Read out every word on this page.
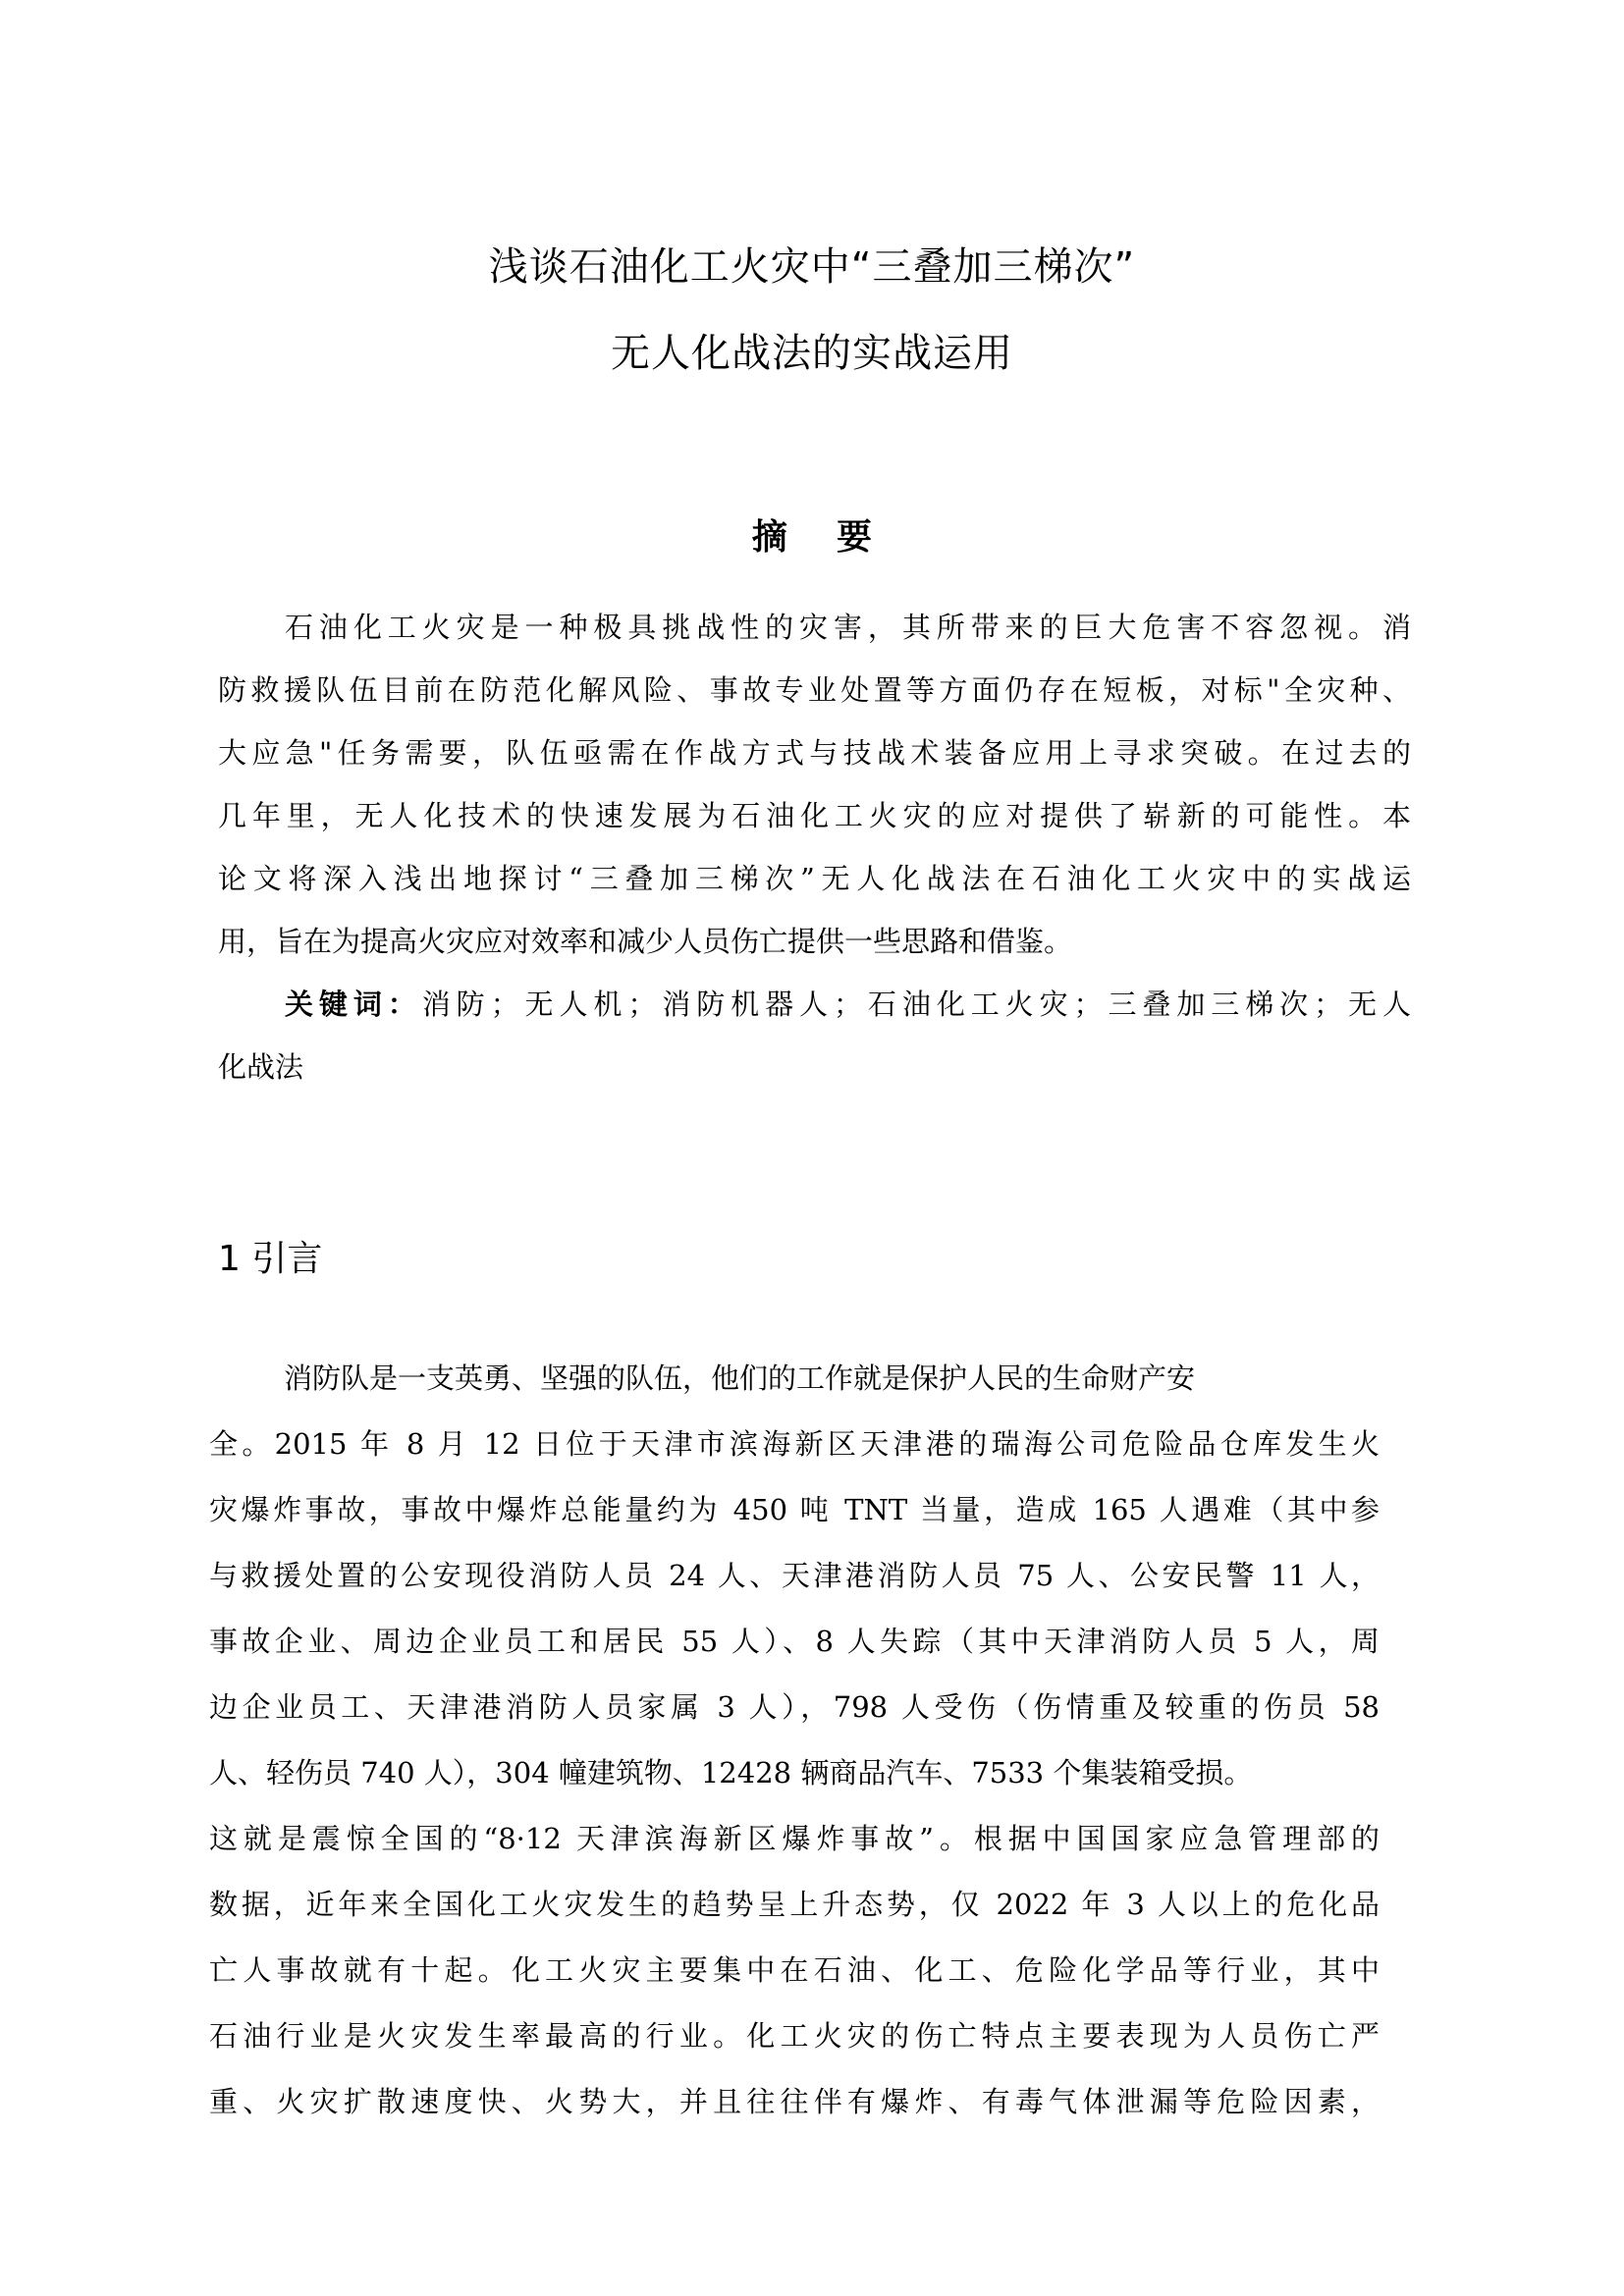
浅谈石油化工火灾中“三叠加三梯次”
无人化战法的实战运用
摘    要
石油化工火灾是一种极具挑战性的灾害，其所带来的巨大危害不容忽视。消
防救援队伍目前在防范化解风险、事故专业处置等方面仍存在短板，对标"全灾种、
大应急"任务需要，队伍亟需在作战方式与技战术装备应用上寻求突破。在过去的
几年里，无人化技术的快速发展为石油化工火灾的应对提供了崭新的可能性。本
论文将深入浅出地探讨“三叠加三梯次”无人化战法在石油化工火灾中的实战运
用，旨在为提高火灾应对效率和减少人员伤亡提供一些思路和借鉴。
关键词：消防；无人机；消防机器人；石油化工火灾；三叠加三梯次；无人
化战法
1 引言
消防队是一支英勇、坚强的队伍，他们的工作就是保护人民的生命财产安
全。2015 年 8 月 12 日位于天津市滨海新区天津港的瑞海公司危险品仓库发生火
灾爆炸事故，事故中爆炸总能量约为 450 吨 TNT 当量，造成 165 人遇难（其中参
与救援处置的公安现役消防人员 24 人、天津港消防人员 75 人、公安民警 11 人，
事故企业、周边企业员工和居民 55 人）、8 人失踪（其中天津消防人员 5 人，周
边企业员工、天津港消防人员家属 3 人），798 人受伤（伤情重及较重的伤员 58
人、轻伤员 740 人），304 幢建筑物、12428 辆商品汽车、7533 个集装箱受损。
这就是震惊全国的“8·12 天津滨海新区爆炸事故”。根据中国国家应急管理部的
数据，近年来全国化工火灾发生的趋势呈上升态势，仅 2022 年 3 人以上的危化品
亡人事故就有十起。化工火灾主要集中在石油、化工、危险化学品等行业，其中
石油行业是火灾发生率最高的行业。化工火灾的伤亡特点主要表现为人员伤亡严
重、火灾扩散速度快、火势大，并且往往伴有爆炸、有毒气体泄漏等危险因素，
